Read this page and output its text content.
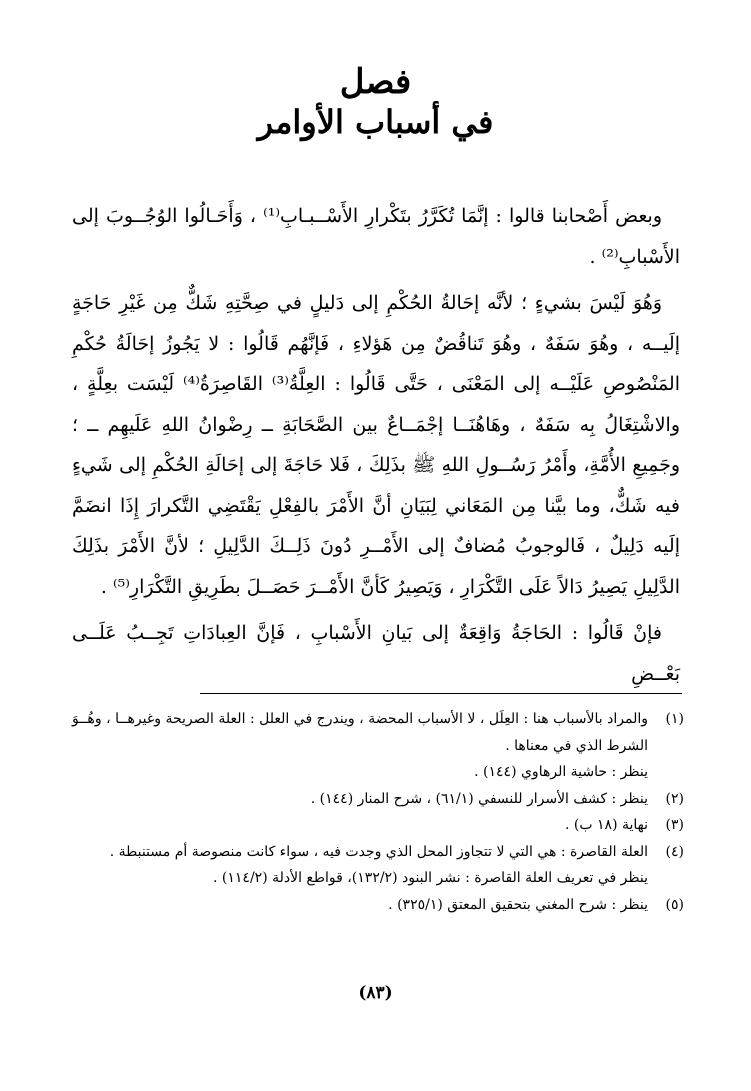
فصل
في أسباب الأوامر

وبعض أَصْحابنا قالوا : إنَّمَا تُكَرَّرُ بتَكْرارِ الأَسْــبـابِ⁽¹⁾ ، وَأَحَـالُوا الوُجُــوبَ إلى الأَسْبابِ⁽²⁾ .

وَهُوَ لَيْسَ بشيءٍ ؛ لأنَّه إحَالةُ الحُكْمِ إلى دَليلٍ في صِحَّتِهِ شَكٌّ مِن غَيْرِ حَاجَةٍ إلَيــه ، وهُوَ سَفَهٌ ، وهُوَ تَناقُضٌ مِن هَؤلاءِ ، فَإنَّهُم قَالُوا : لا يَجُوزُ إحَالَةُ حُكْمِ المَنْصُوصِ عَلَيْــه إلى المَعْنَى ، حَتَّى قَالُوا : العِلَّةُ⁽³⁾ القَاصِرَةُ⁽⁴⁾ لَيْسَت بعِلَّةٍ ، والاشْتِغَالُ بِه سَفَهٌ ، وهَاهُنَــا إجْمَــاعٌ بين الصَّحَابَةِ ــ رِضْوانُ اللهِ عَلَيهِم ــ ؛ وجَمِيعِ الأُمَّةِ، وأَمْرُ رَسُــولِ اللهِ ﷺ بذَلِكَ ، فَلا حَاجَةَ إلى إحَالَةِ الحُكْمِ إلى شَيءٍ فيه شَكٌّ، وما بيَّنا مِن المَعَاني لِبَيَانِ أنَّ الأَمْرَ بالفِعْلِ يَقْتَضِي التَّكرارَ إِذَا انضَمَّ إلَيه دَلِيلٌ ، فَالوجوبُ مُضافٌ إلى الأَمْــرِ دُونَ ذَلِــكَ الدَّلِيلِ ؛ لأنَّ الأَمْرَ بذَلِكَ الدَّلِيلِ يَصِيرُ دَالاً عَلَى التَّكْرَارِ ، وَيَصِيرُ كَأنَّ الأَمْــرَ حَصَــلَ بطَرِيقِ التَّكْرَارِ⁽⁵⁾ .

فإنْ قَالُوا : الحَاجَةُ وَاقِعَةٌ إلى بَيانِ الأَسْبابِ ، فَإنَّ العِبادَاتِ تَجِــبُ عَلَــى بَعْــضِ

(١)
والمراد بالأسباب هنا : العِلَل ، لا الأسباب المحضة ، ويندرج في العلل : العلة الصريحة وغيرهــا ، وهُــوَ الشرط الذي في معناها .

ينظر : حاشية الرهاوي (١٤٤) .

(٢)
ينظر : كشف الأسرار للنسفي (٦١/١) ، شرح المنار (١٤٤) .
(٣)
نهاية (١٨ ب) .
(٤)
العلة القاصرة : هي التي لا تتجاوز المحل الذي وجدت فيه ، سواء كانت منصوصة أم مستنبطة .

ينظر في تعريف العلة القاصرة : نشر البنود (١٣٢/٢)، قواطع الأدلة (١١٤/٢) .

(٥)
ينظر : شرح المغني بتحقيق المعتق (٣٢٥/١) .
(٨٣)
